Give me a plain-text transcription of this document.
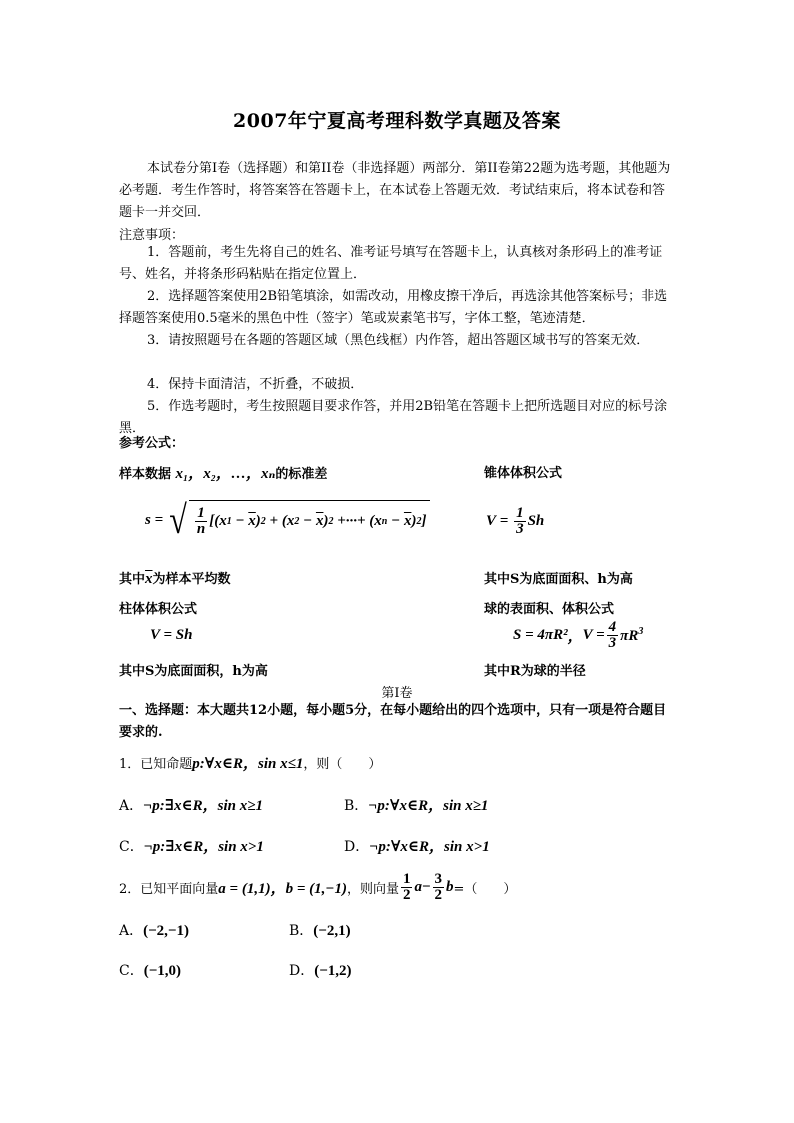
2007年宁夏高考理科数学真题及答案
本试卷分第I卷（选择题）和第II卷（非选择题）两部分．第II卷第22题为选考题，其他题为必考题．考生作答时，将答案答在答题卡上，在本试卷上答题无效．考试结束后，将本试卷和答题卡一并交回．
注意事项：
1．答题前，考生先将自己的姓名、准考证号填写在答题卡上，认真核对条形码上的准考证号、姓名，并将条形码粘贴在指定位置上．
2．选择题答案使用2B铅笔填涂，如需改动，用橡皮擦干净后，再选涂其他答案标号；非选择题答案使用0.5毫米的黑色中性（签字）笔或炭素笔书写，字体工整，笔迹清楚．
3．请按照题号在各题的答题区域（黑色线框）内作答，超出答题区域书写的答案无效．
4．保持卡面清洁，不折叠，不破损．
5．作选考题时，考生按照题目要求作答，并用2B铅笔在答题卡上把所选题目对应的标号涂黑．
参考公式：
样本数据 x₁，x₂，…，xₙ的标准差	锥体体积公式
s = √ $\frac{1}{n}$ [( x $1 - \overline{x}$ ) 2 + ( x $2 - \overline{x}$ ) 2 +···+ ( x $n - \overline{x}$ ) 2 ]	$V = \frac{1}{3}$ Sh
其中$\overline{x}$为样本平均数	其中S为底面面积、h为高
柱体体积公式	球的表面积、体积公式
V = Sh	S = 4πR² ， $V = \frac{4}{3} \pi R^3$
其中S为底面面积，h为高	其中R为球的半径
第I卷
一、选择题：本大题共12小题，每小题5分，在每小题给出的四个选项中，只有一项是符合题目要求的.
1．已知命题 p:∀x∈R，sin x≤1 ，则（　　）
A．¬p:∃x∈R，sin x≥1	B．¬p:∀x∈R，sin x≥1
C．¬p:∃x∈R，sin x>1	D．¬p:∀x∈R，sin x>1
2．已知平面向量 a = (1,1)，b = (1,−1) ，则向量 $\frac{1}{2}$ $a - \frac{3}{2}$ b =（　　）
A．(−2,−1)	B．(−2,1)
C．(−1,0)	D．(−1,2)
